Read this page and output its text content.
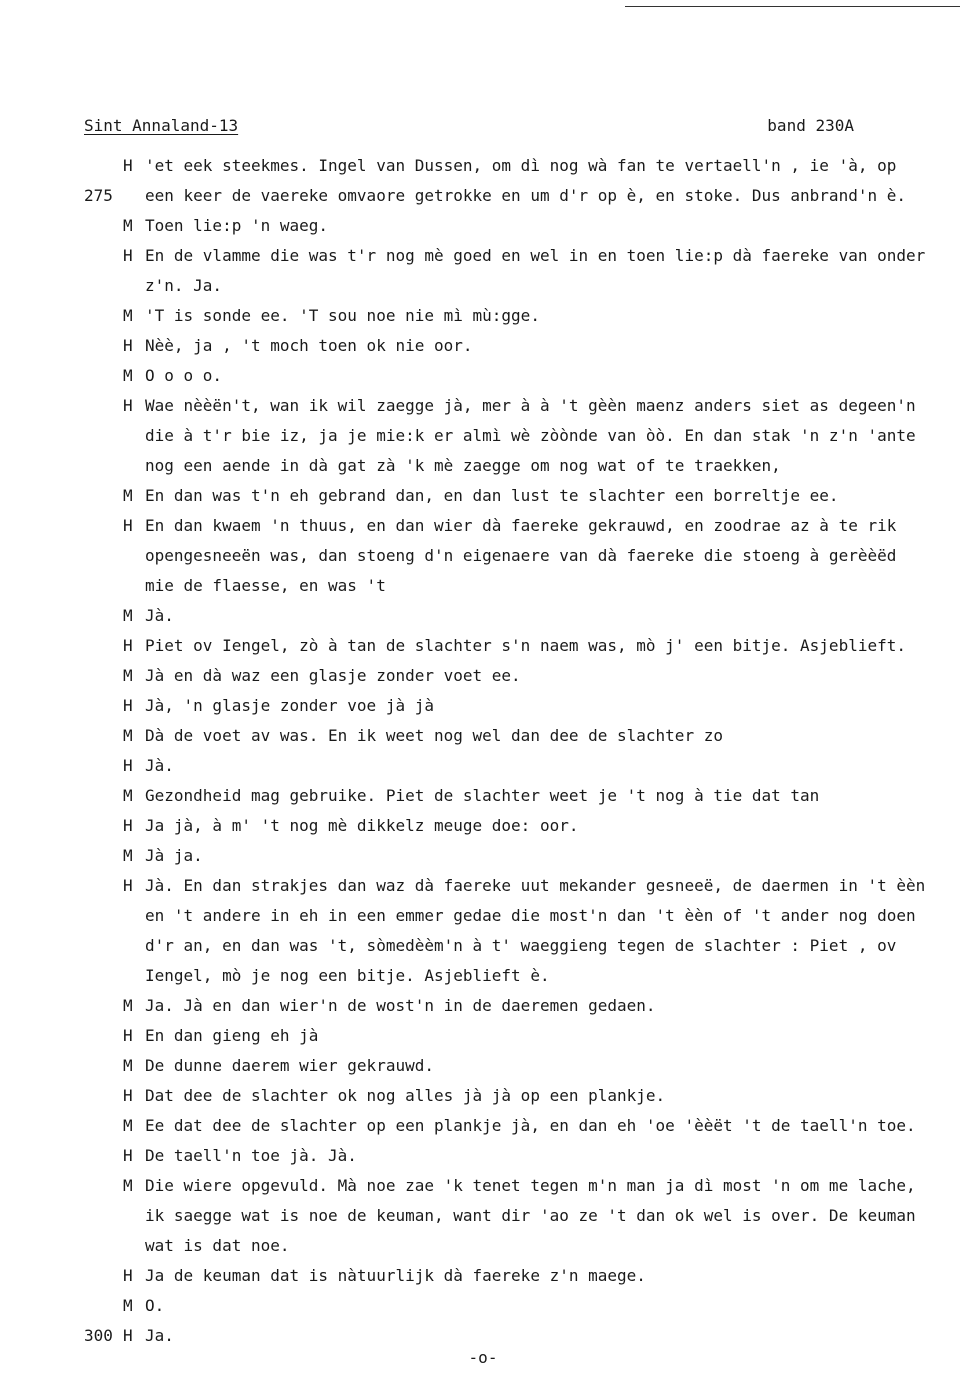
Sint Annaland-13	band 230A
H 'et eek steekmes. Ingel van Dussen, om dì nog wà fan te vertaell'n , ie 'à, op
275	een keer de vaereke omvaore getrokke en um d'r op è, en stoke. Dus anbrand'n è.
M Toen lie:p 'n waeg.
H En de vlamme die was t'r nog mè goed en wel in en toen lie:p dà faereke van onder
z'n. Ja.
M 'T is sonde ee. 'T sou noe nie mì mù:gge.
H Nèè, ja , 't moch toen ok nie oor.
M O o o o.
H Wae nèèën't, wan ik wil zaegge jà, mer à à 't gèèn maenz anders siet as degeen'n
die à t'r bie iz, ja je mie:k er almì wè zòònde van òò. En dan stak 'n z'n 'ante
nog een aende in dà gat zà 'k mè zaegge om nog wat of te traekken,
M En dan was t'n eh gebrand dan, en dan lust te slachter een borreltje ee.
H En dan kwaem 'n thuus, en dan wier dà faereke gekrauwd, en zoodrae az à te rik
opengesneeën was, dan stoeng d'n eigenaere van dà faereke die stoeng à gerèèëd
mie de flaesse, en was 't
M Jà.
H Piet ov Iengel, zò à tan de slachter s'n naem was, mò j' een bitje. Asjeblieft.
M Jà en dà waz een glasje zonder voet ee.
H Jà, 'n glasje zonder voe jà jà
M Dà de voet av was. En ik weet nog wel dan dee de slachter zo
H Jà.
M Gezondheid mag gebruike. Piet de slachter weet je 't nog à tie dat tan
H Ja jà, à m' 't nog mè dikkelz meuge doe: oor.
M Jà ja.
H Jà. En dan strakjes dan waz dà faereke uut mekander gesneeë, de daermen in 't èèn
en 't andere in eh in een emmer gedae die most'n dan 't èèn of 't ander nog doen
d'r an, en dan was 't, sòmedèèm'n à t' waeggieng tegen de slachter : Piet , ov
Iengel, mò je nog een bitje. Asjeblieft è.
M Ja. Jà en dan wier'n de wost'n in de daeremen gedaen.
H En dan gieng eh jà
M De dunne daerem wier gekrauwd.
H Dat dee de slachter ok nog alles jà jà op een plankje.
M Ee dat dee de slachter op een plankje jà, en dan eh 'oe 'èèët 't de taell'n toe.
H De taell'n toe jà. Jà.
M Die wiere opgevuld. Mà noe zae 'k tenet tegen m'n man ja dì most 'n om me lache,
ik saegge wat is noe de keuman, want dir 'ao ze 't dan ok wel is over. De keuman
wat is dat noe.
H Ja de keuman dat is nàtuurlijk dà faereke z'n maege.
M O.
300 H Ja.
-o-
